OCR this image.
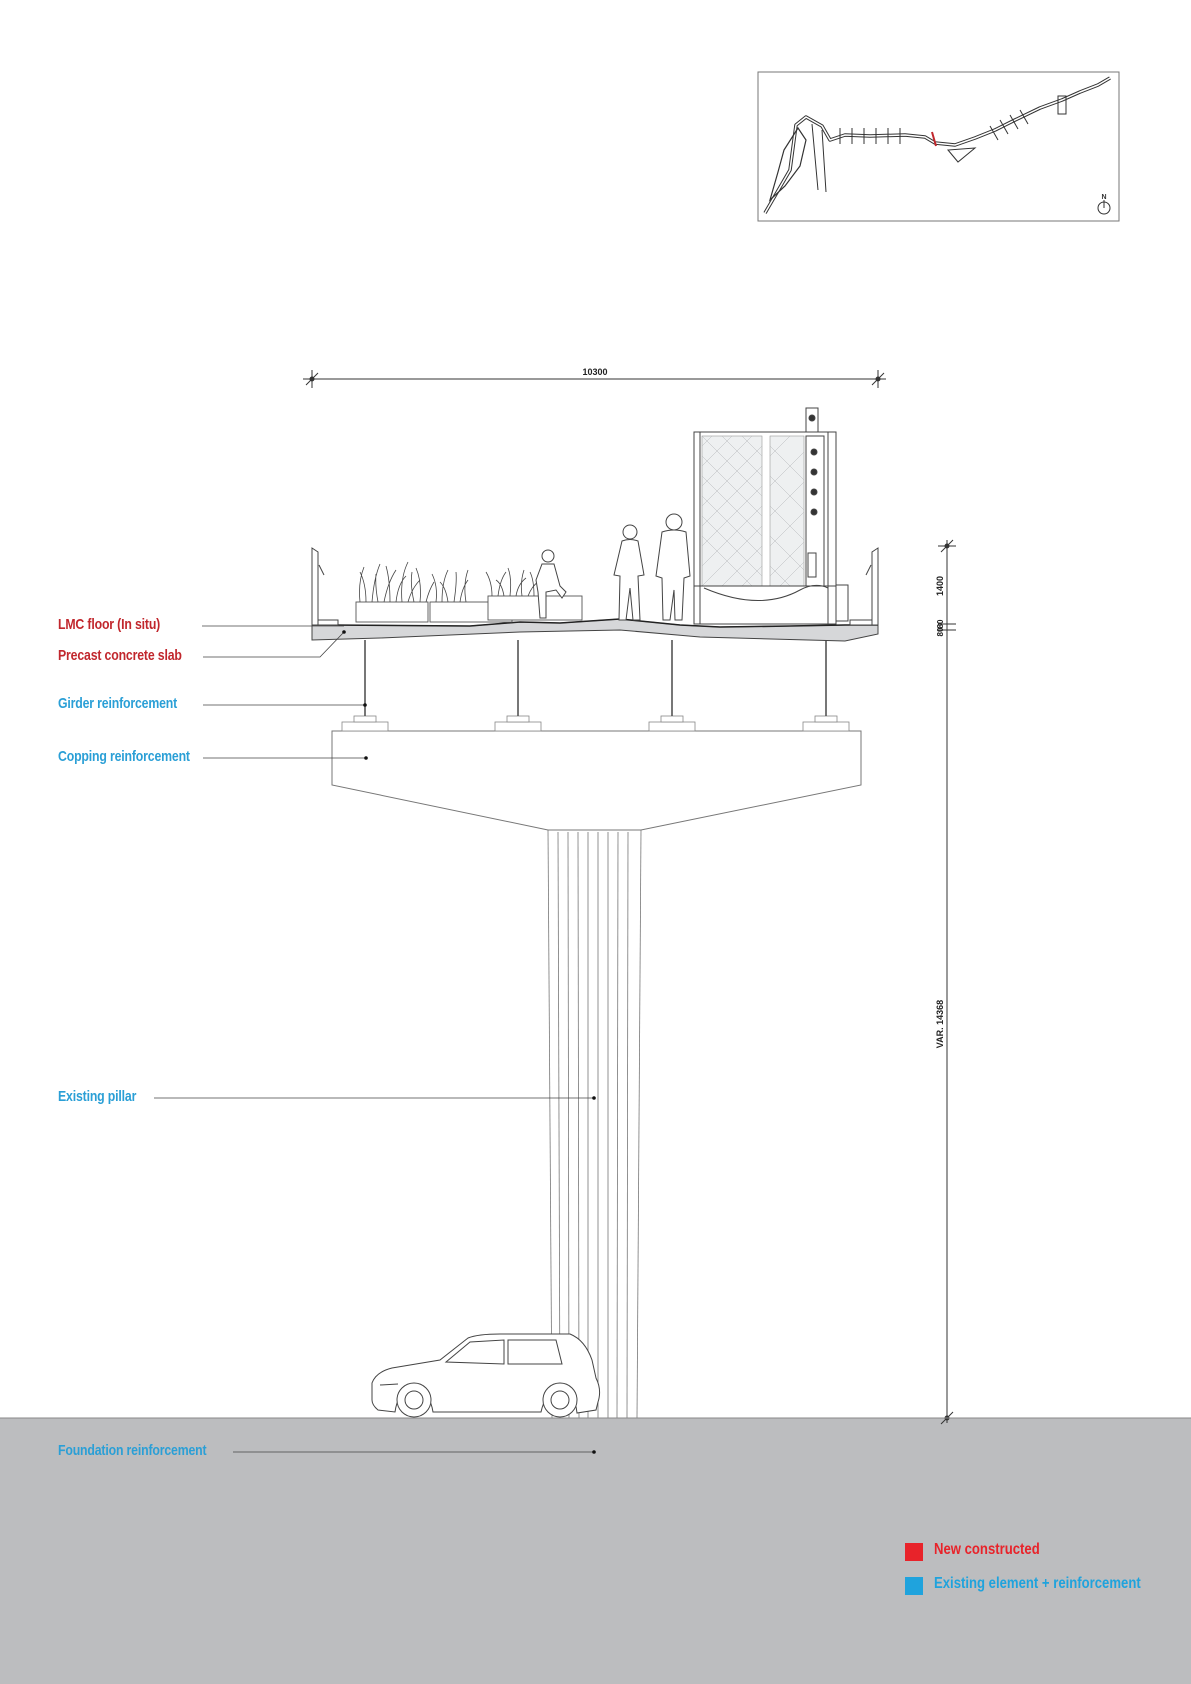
N
10300
1400
80
80
VAR. 14368
LMC floor (In situ)
Precast concrete slab
Girder reinforcement
Copping reinforcement
Existing pillar
Foundation reinforcement
New constructed
Existing element + reinforcement
